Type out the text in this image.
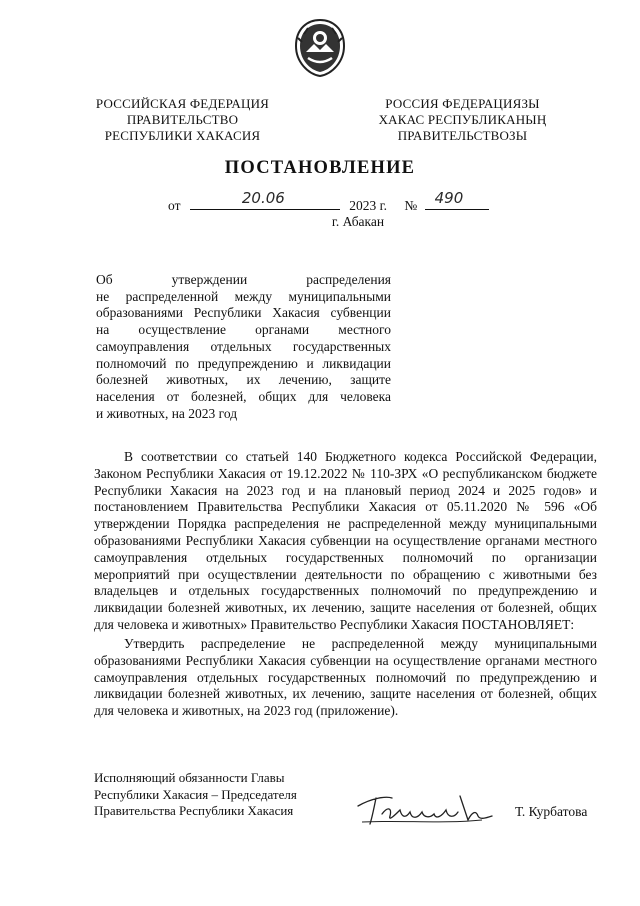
РОССИЙСКАЯ ФЕДЕРАЦИЯ
ПРАВИТЕЛЬСТВО
РЕСПУБЛИКИ ХАКАСИЯ
РОССИЯ ФЕДЕРАЦИЯЗЫ
ХАКАС РЕСПУБЛИКАНЫҢ
ПРАВИТЕЛЬСТВОЗЫ
ПОСТАНОВЛЕНИЕ
от	20.06	2023 г. № 490
г. Абакан
Об утверждении распределения
не распределенной между муниципальными
образованиями Республики Хакасия субвенции
на осуществление органами местного
самоуправления отдельных государственных
полномочий по предупреждению и ликвидации
болезней животных, их лечению, защите
населения от болезней, общих для человека
и животных, на 2023 год
В соответствии со статьей 140 Бюджетного кодекса Российской Федерации, Законом Республики Хакасия от 19.12.2022 № 110-ЗРХ «О республиканском бюджете Республики Хакасия на 2023 год и на плановый период 2024 и 2025 годов» и постановлением Правительства Республики Хакасия от 05.11.2020 № 596 «Об утверждении Порядка распределения не распределенной между муниципальными образованиями Республики Хакасия субвенции на осуществление органами местного самоуправления отдельных государственных полномочий по организации мероприятий при осуществлении деятельности по обращению с животными без владельцев и отдельных государственных полномочий по предупреждению и ликвидации болезней животных, их лечению, защите населения от болезней, общих для человека и животных» Правительство Республики Хакасия ПОСТАНОВЛЯЕТ:
Утвердить распределение не распределенной между муниципальными образованиями Республики Хакасия субвенции на осуществление органами местного самоуправления отдельных государственных полномочий по предупреждению и ликвидации болезней животных, их лечению, защите населения от болезней, общих для человека и животных, на 2023 год (приложение).
Исполняющий обязанности Главы
Республики Хакасия – Председателя
Правительства Республики Хакасия	Т. Курбатова
